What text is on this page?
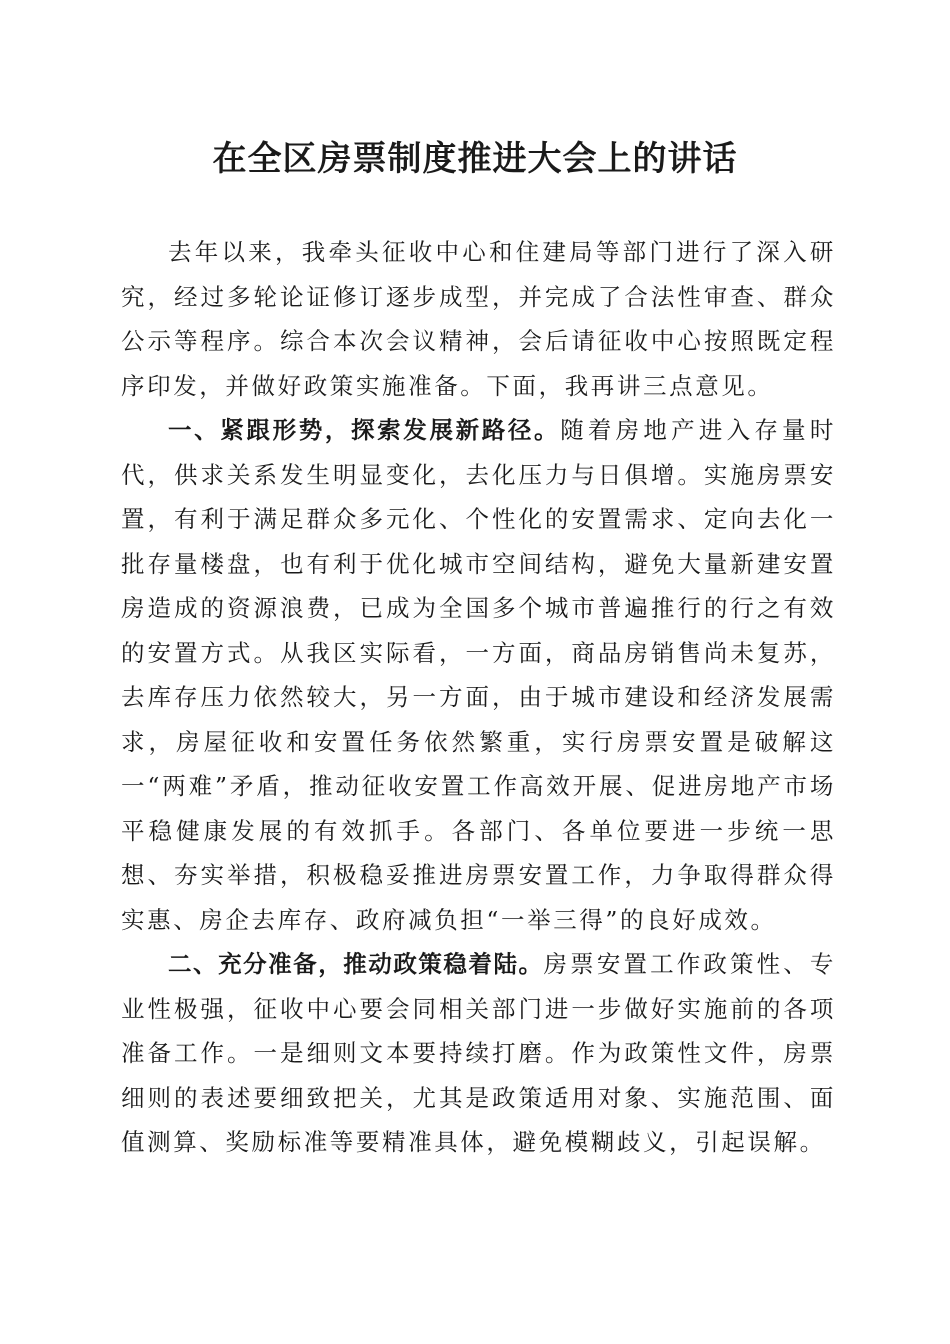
在全区房票制度推进大会上的讲话

去年以来，我牵头征收中心和住建局等部门进行了深入研究，经过多轮论证修订逐步成型，并完成了合法性审查、群众公示等程序。综合本次会议精神，会后请征收中心按照既定程序印发，并做好政策实施准备。下面，我再讲三点意见。

一、紧跟形势，探索发展新路径。随着房地产进入存量时代，供求关系发生明显变化，去化压力与日俱增。实施房票安置，有利于满足群众多元化、个性化的安置需求、定向去化一批存量楼盘，也有利于优化城市空间结构，避免大量新建安置房造成的资源浪费，已成为全国多个城市普遍推行的行之有效的安置方式。从我区实际看，一方面，商品房销售尚未复苏，去库存压力依然较大，另一方面，由于城市建设和经济发展需求，房屋征收和安置任务依然繁重，实行房票安置是破解这一“两难”矛盾，推动征收安置工作高效开展、促进房地产市场平稳健康发展的有效抓手。各部门、各单位要进一步统一思想、夯实举措，积极稳妥推进房票安置工作，力争取得群众得实惠、房企去库存、政府减负担“一举三得”的良好成效。

二、充分准备，推动政策稳着陆。房票安置工作政策性、专业性极强，征收中心要会同相关部门进一步做好实施前的各项准备工作。一是细则文本要持续打磨。作为政策性文件，房票细则的表述要细致把关，尤其是政策适用对象、实施范围、面值测算、奖励标准等要精准具体，避免模糊歧义，引起误解。
